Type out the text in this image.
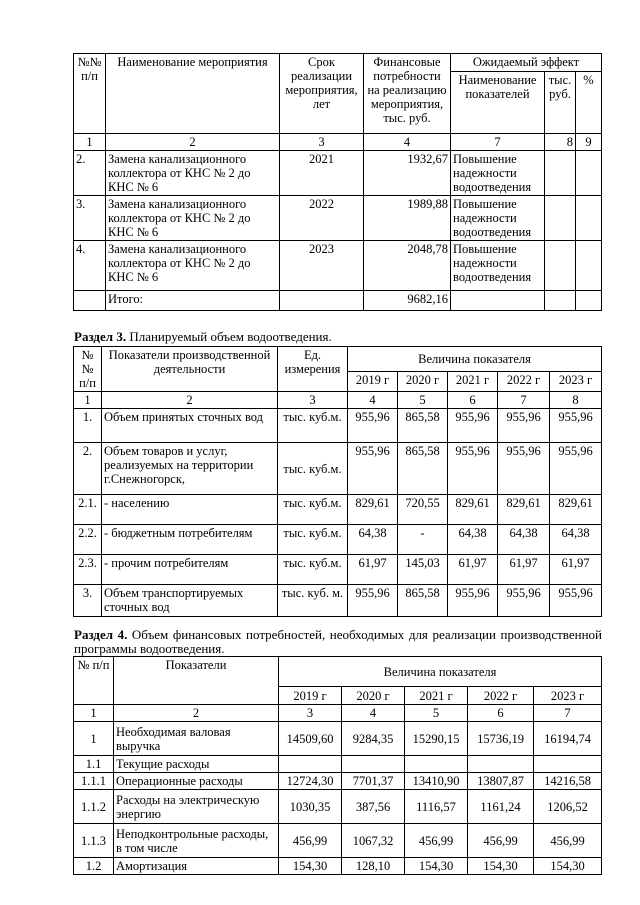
№№ п/п	Наименование мероприятия	Срок реализации мероприятия, лет	Финансовые потребности на реализацию мероприятия, тыс. руб.	Ожидаемый эффект		
				Наименование показателей	тыс. руб.	%
1	2	3	4	7	8	9
2.	Замена канализационного коллектора от КНС № 2 до КНС № 6	2021	1932,67	Повышение надежности водоотведения		
3.	Замена канализационного коллектора от КНС № 2 до КНС № 6	2022	1989,88	Повышение надежности водоотведения		
4.	Замена канализационного коллектора от КНС № 2 до КНС № 6	2023	2048,78	Повышение надежности водоотведения		
	Итого:		9682,16			
Раздел 3. Планируемый объем водоотведения.
№№ п/п	Показатели производственной деятельности	Ед. измерения	Величина показателя				
			2019 г	2020 г	2021 г	2022 г	2023 г
1	2	3	4	5	6	7	8
1.	Объем принятых сточных вод	тыс. куб.м.	955,96	865,58	955,96	955,96	955,96
2.	Объем товаров и услуг, реализуемых на территории г.Снежногорск,	тыс. куб.м.	955,96	865,58	955,96	955,96	955,96
2.1.	- населению	тыс. куб.м.	829,61	720,55	829,61	829,61	829,61
2.2.	- бюджетным потребителям	тыс. куб.м.	64,38	-	64,38	64,38	64,38
2.3.	- прочим потребителям	тыс. куб.м.	61,97	145,03	61,97	61,97	61,97
3.	Объем транспортируемых сточных вод	тыс. куб. м.	955,96	865,58	955,96	955,96	955,96
Раздел 4. Объем финансовых потребностей, необходимых для реализации производственной программы водоотведения.
№ п/п	Показатели	Величина показателя				
		2019 г	2020 г	2021 г	2022 г	2023 г
1	2	3	4	5	6	7
1	Необходимая валовая выручка	14509,60	9284,35	15290,15	15736,19	16194,74
1.1	Текущие расходы					
1.1.1	Операционные расходы	12724,30	7701,37	13410,90	13807,87	14216,58
1.1.2	Расходы на электрическую энергию	1030,35	387,56	1116,57	1161,24	1206,52
1.1.3	Неподконтрольные расходы, в том числе	456,99	1067,32	456,99	456,99	456,99
1.2	Амортизация	154,30	128,10	154,30	154,30	154,30
